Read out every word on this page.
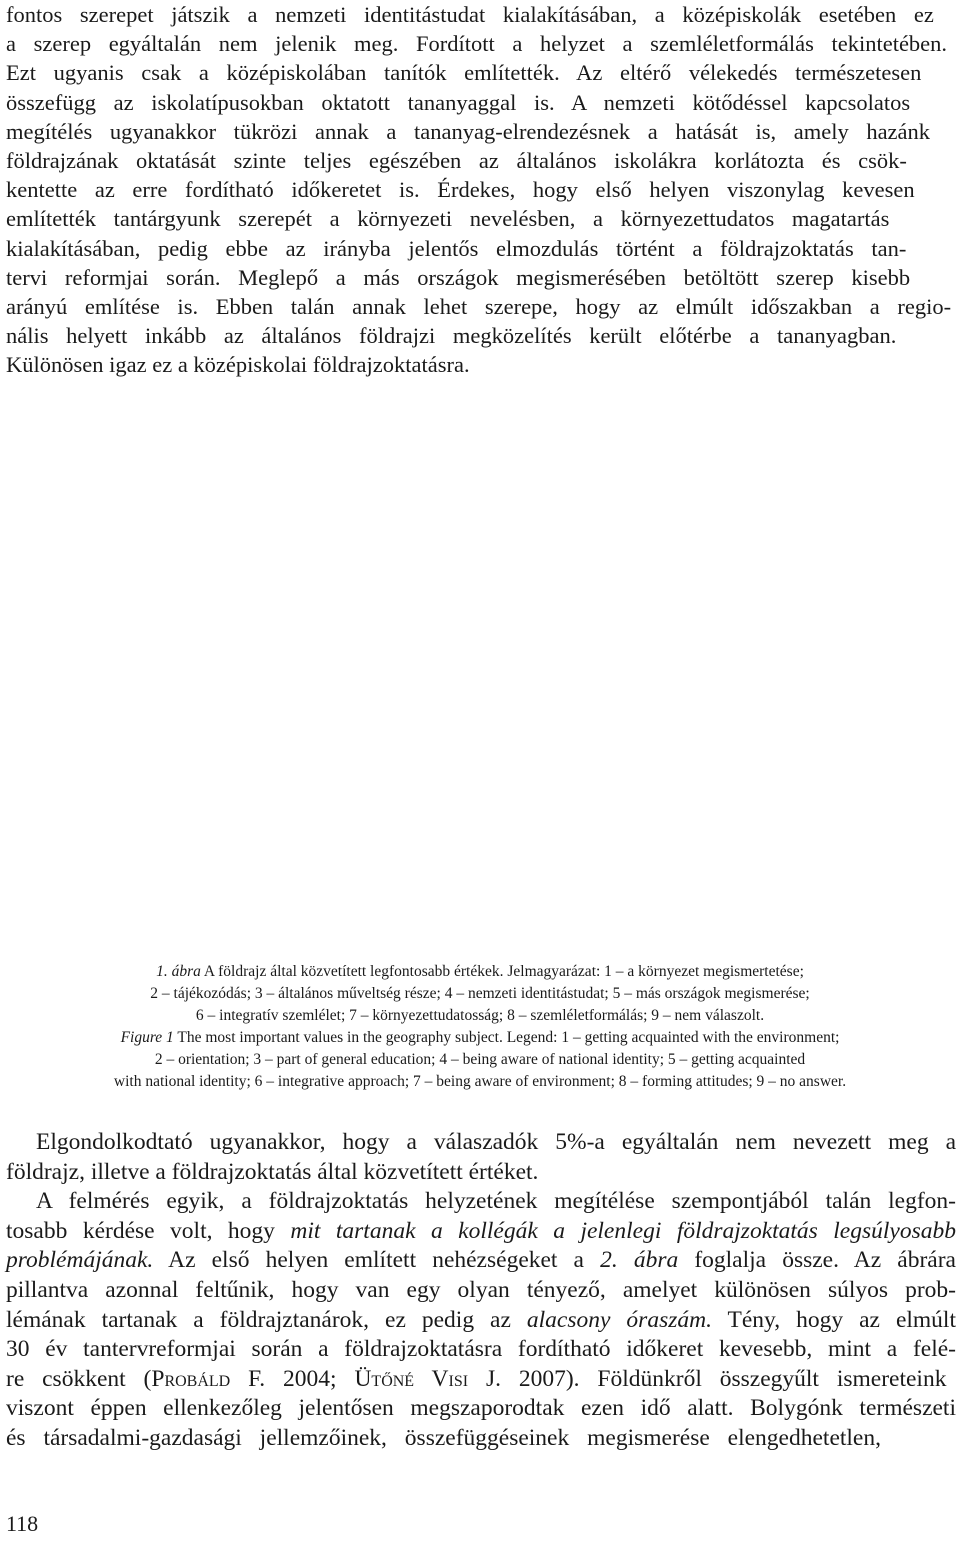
fontos szerepet játszik a nemzeti identitástudat kialakításában, a középiskolák esetében ez
a szerep egyáltalán nem jelenik meg. Fordított a helyzet a szemléletformálás tekintetében.
Ezt ugyanis csak a középiskolában tanítók említették. Az eltérő vélekedés természetesen
összefügg az iskolatípusokban oktatott tananyaggal is. A nemzeti kötődéssel kapcsolatos
megítélés ugyanakkor tükrözi annak a tananyag-elrendezésnek a hatását is, amely hazánk
földrajzának oktatását szinte teljes egészében az általános iskolákra korlátozta és csök-
kentette az erre fordítható időkeretet is. Érdekes, hogy első helyen viszonylag kevesen
említették tantárgyunk szerepét a környezeti nevelésben, a környezettudatos magatartás
kialakításában, pedig ebbe az irányba jelentős elmozdulás történt a földrajzoktatás tan-
tervi reformjai során. Meglepő a más országok megismerésében betöltött szerep kisebb
arányú említése is. Ebben talán annak lehet szerepe, hogy az elmúlt időszakban a regio-
nális helyett inkább az általános földrajzi megközelítés került előtérbe a tananyagban.
Különösen igaz ez a középiskolai földrajzoktatásra.
1. ábra A földrajz által közvetített legfontosabb értékek. Jelmagyarázat: 1 – a környezet megismertetése;
2 – tájékozódás; 3 – általános műveltség része; 4 – nemzeti identitástudat; 5 – más országok megismerése;
6 – integratív szemlélet; 7 – környezettudatosság; 8 – szemléletformálás; 9 – nem válaszolt.
Figure 1 The most important values in the geography subject. Legend: 1 – getting acquainted with the environment;
2 – orientation; 3 – part of general education; 4 – being aware of national identity; 5 – getting acquainted
with national identity; 6 – integrative approach; 7 – being aware of environment; 8 – forming attitudes; 9 – no answer.
Elgondolkodtató ugyanakkor, hogy a válaszadók 5%-a egyáltalán nem nevezett meg a
földrajz, illetve a földrajzoktatás által közvetített értéket.
A felmérés egyik, a földrajzoktatás helyzetének megítélése szempontjából talán legfon-
tosabb kérdése volt, hogy mit tartanak a kollégák a jelenlegi földrajzoktatás legsúlyosabb
problémájának. Az első helyen említett nehézségeket a 2. ábra foglalja össze. Az ábrára
pillantva azonnal feltűnik, hogy van egy olyan tényező, amelyet különösen súlyos prob-
lémának tartanak a földrajztanárok, ez pedig az alacsony óraszám. Tény, hogy az elmúlt
30 év tantervreformjai során a földrajzoktatásra fordítható időkeret kevesebb, mint a felé-
re csökkent (Probáld F. 2004; Ütőné Visi J. 2007). Földünkről összegyűlt ismereteink
viszont éppen ellenkezőleg jelentősen megszaporodtak ezen idő alatt. Bolygónk természeti
és társadalmi-gazdasági jellemzőinek, összefüggéseinek megismerése elengedhetetlen,

118
